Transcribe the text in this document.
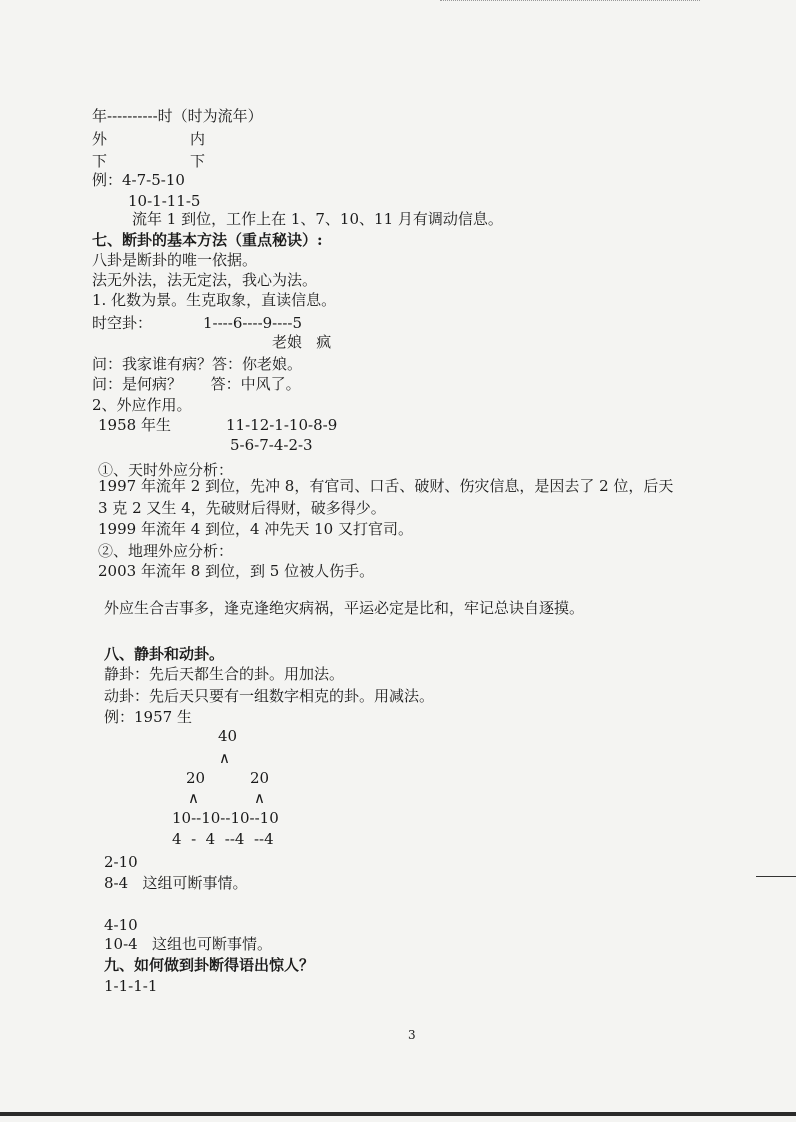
年----------时（时为流年）
外	内
下	下
例：4-7-5-10
10-1-11-5
流年 1 到位，工作上在 1、7、10、11 月有调动信息。
七、断卦的基本方法（重点秘诀）:
八卦是断卦的唯一依据。
法无外法，法无定法，我心为法。
1. 化数为景。生克取象，直读信息。
时空卦：	1----6----9----5
老娘   疯
问：我家谁有病？答：你老娘。
问：是何病？      答：中风了。
2、外应作用。
1958 年生	11-12-1-10-8-9
5-6-7-4-2-3
①、天时外应分析：
1997 年流年 2 到位，先冲 8，有官司、口舌、破财、伤灾信息，是因去了 2 位，后天
3 克 2 又生 4，先破财后得财，破多得少。
1999 年流年 4 到位，4 冲先天 10 又打官司。
②、地理外应分析：
2003 年流年 8 到位，到 5 位被人伤手。
外应生合吉事多，逢克逢绝灾病祸，平运必定是比和，牢记总诀自逐摸。
八、静卦和动卦。
静卦：先后天都生合的卦。用加法。
动卦：先后天只要有一组数字相克的卦。用减法。
例：1957 生
40
∧
20	20
∧	∧
10--10--10--10
4  -  4  --4  --4
2-10
8-4   这组可断事情。
4-10
10-4   这组也可断事情。
九、如何做到卦断得语出惊人？
1-1-1-1
3
